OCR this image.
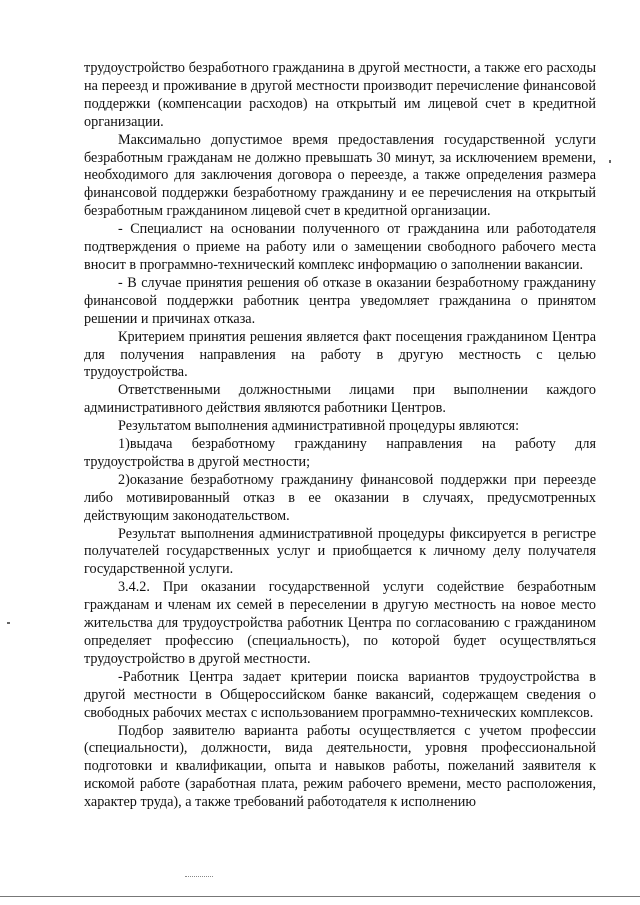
трудоустройство безработного гражданина в другой местности, а также его расходы на переезд и проживание в другой местности производит перечисление финансовой поддержки (компенсации расходов) на открытый им лицевой счет в кредитной организации.

Максимально допустимое время предоставления государственной услуги безработным гражданам не должно превышать 30 минут, за исключением времени, необходимого для заключения договора о переезде, а также определения размера финансовой поддержки безработному гражданину и ее перечисления на открытый безработным гражданином лицевой счет в кредитной организации.

- Специалист на основании полученного от гражданина или работодателя подтверждения о приеме на работу или о замещении свободного рабочего места вносит в программно-технический комплекс информацию о заполнении вакансии.

- В случае принятия решения об отказе в оказании безработному гражданину финансовой поддержки работник центра уведомляет гражданина о принятом решении и причинах отказа.

Критерием принятия решения является факт посещения гражданином Центра для получения направления на работу в другую местность с целью трудоустройства.

Ответственными должностными лицами при выполнении каждого административного действия являются работники Центров.

Результатом выполнения административной процедуры являются:

1)выдача безработному гражданину направления на работу для трудоустройства в другой местности;

2)оказание безработному гражданину финансовой поддержки при переезде либо мотивированный отказ в ее оказании в случаях, предусмотренных действующим законодательством.

Результат выполнения административной процедуры фиксируется в регистре получателей государственных услуг и приобщается к личному делу получателя государственной услуги.

3.4.2. При оказании государственной услуги содействие безработным гражданам и членам их семей в переселении в другую местность на новое место жительства для трудоустройства работник Центра по согласованию с гражданином определяет профессию (специальность), по которой будет осуществляться трудоустройство в другой местности.

-Работник Центра задает критерии поиска вариантов трудоустройства в другой местности в Общероссийском банке вакансий, содержащем сведения о свободных рабочих местах с использованием программно-технических комплексов.

Подбор заявителю варианта работы осуществляется с учетом профессии (специальности), должности, вида деятельности, уровня профессиональной подготовки и квалификации, опыта и навыков работы, пожеланий заявителя к искомой работе (заработная плата, режим рабочего времени, место расположения, характер труда), а также требований работодателя к исполнению
